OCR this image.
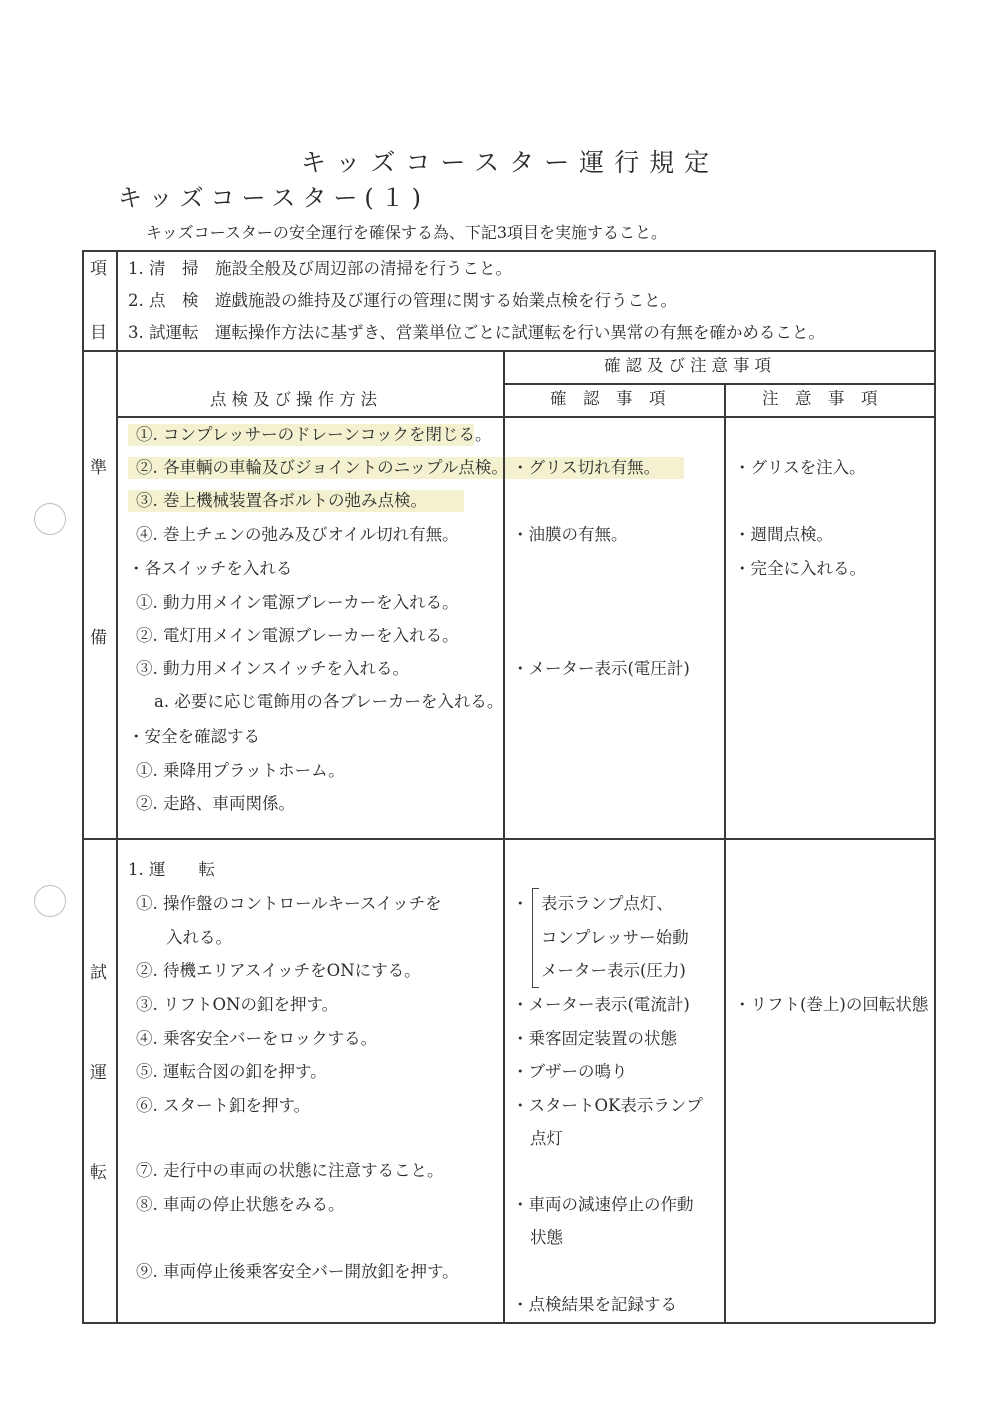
キッズコースター運行規定
キッズコースター(１)
キッズコースターの安全運行を確保する為、下記3項目を実施すること。
項
目
1. 清　掃　施設全般及び周辺部の清掃を行うこと。
2. 点　検　遊戯施設の維持及び運行の管理に関する始業点検を行うこと。
3. 試運転　運転操作方法に基ずき、営業単位ごとに試運転を行い異常の有無を確かめること。
点検及び操作方法
確認及び注意事項
確　認　事　項	注　意　事　項
準
備
①. コンプレッサーのドレーンコックを閉じる。
②. 各車輌の車輪及びジョイントのニップル点検。
③. 巻上機械装置各ボルトの弛み点検。
④. 巻上チェンの弛み及びオイル切れ有無。
・各スイッチを入れる
①. 動力用メイン電源ブレーカーを入れる。
②. 電灯用メイン電源ブレーカーを入れる。
③. 動力用メインスイッチを入れる。
a. 必要に応じ電飾用の各ブレーカーを入れる。
・安全を確認する
①. 乗降用プラットホーム。
②. 走路、車両関係。
・グリス切れ有無。
・油膜の有無。
・メーター表示(電圧計)
・グリスを注入。
・週間点検。
・完全に入れる。
試
運
転
1. 運　　転
①. 操作盤のコントロールキースイッチを
入れる。
②. 待機エリアスイッチをONにする。
③. リフトONの釦を押す。
④. 乗客安全バーをロックする。
⑤. 運転合図の釦を押す。
⑥. スタート釦を押す。
⑦. 走行中の車両の状態に注意すること。
⑧. 車両の停止状態をみる。
⑨. 車両停止後乗客安全バー開放釦を押す。
・ 表示ランプ点灯、
コンプレッサー始動
メーター表示(圧力)
・メーター表示(電流計)
・乗客固定装置の状態
・ブザーの鳴り
・スタートOK表示ランプ
点灯
・車両の減速停止の作動
状態
・点検結果を記録する
・リフト(巻上)の回転状態
